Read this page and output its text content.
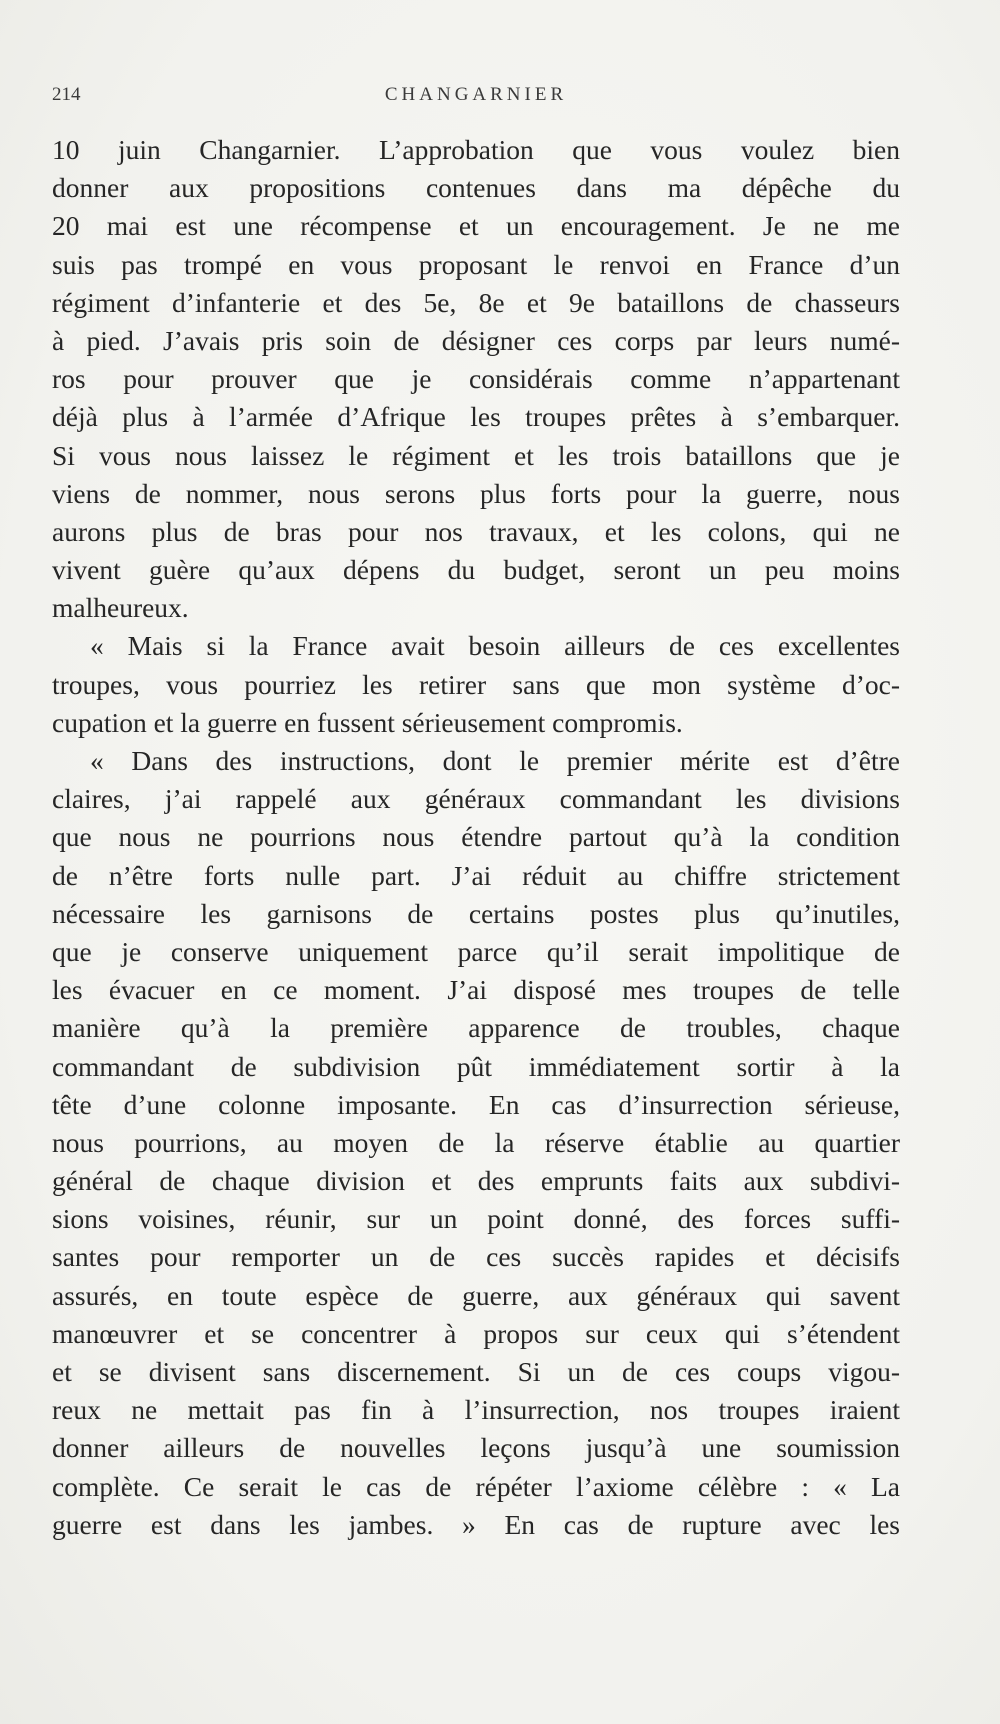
214	CHANGARNIER
10 juin Changarnier. L’approbation que vous voulez bien
donner aux propositions contenues dans ma dépêche du
20 mai est une récompense et un encouragement. Je ne me
suis pas trompé en vous proposant le renvoi en France d’un
régiment d’infanterie et des 5e, 8e et 9e bataillons de chasseurs
à pied. J’avais pris soin de désigner ces corps par leurs numé-
ros pour prouver que je considérais comme n’appartenant
déjà plus à l’armée d’Afrique les troupes prêtes à s’embarquer.
Si vous nous laissez le régiment et les trois bataillons que je
viens de nommer, nous serons plus forts pour la guerre, nous
aurons plus de bras pour nos travaux, et les colons, qui ne
vivent guère qu’aux dépens du budget, seront un peu moins
malheureux.
« Mais si la France avait besoin ailleurs de ces excellentes
troupes, vous pourriez les retirer sans que mon système d’oc-
cupation et la guerre en fussent sérieusement compromis.
« Dans des instructions, dont le premier mérite est d’être
claires, j’ai rappelé aux généraux commandant les divisions
que nous ne pourrions nous étendre partout qu’à la condition
de n’être forts nulle part. J’ai réduit au chiffre strictement
nécessaire les garnisons de certains postes plus qu’inutiles,
que je conserve uniquement parce qu’il serait impolitique de
les évacuer en ce moment. J’ai disposé mes troupes de telle
manière qu’à la première apparence de troubles, chaque
commandant de subdivision pût immédiatement sortir à la
tête d’une colonne imposante. En cas d’insurrection sérieuse,
nous pourrions, au moyen de la réserve établie au quartier
général de chaque division et des emprunts faits aux subdivi-
sions voisines, réunir, sur un point donné, des forces suffi-
santes pour remporter un de ces succès rapides et décisifs
assurés, en toute espèce de guerre, aux généraux qui savent
manœuvrer et se concentrer à propos sur ceux qui s’étendent
et se divisent sans discernement. Si un de ces coups vigou-
reux ne mettait pas fin à l’insurrection, nos troupes iraient
donner ailleurs de nouvelles leçons jusqu’à une soumission
complète. Ce serait le cas de répéter l’axiome célèbre : « La
guerre est dans les jambes. » En cas de rupture avec les
